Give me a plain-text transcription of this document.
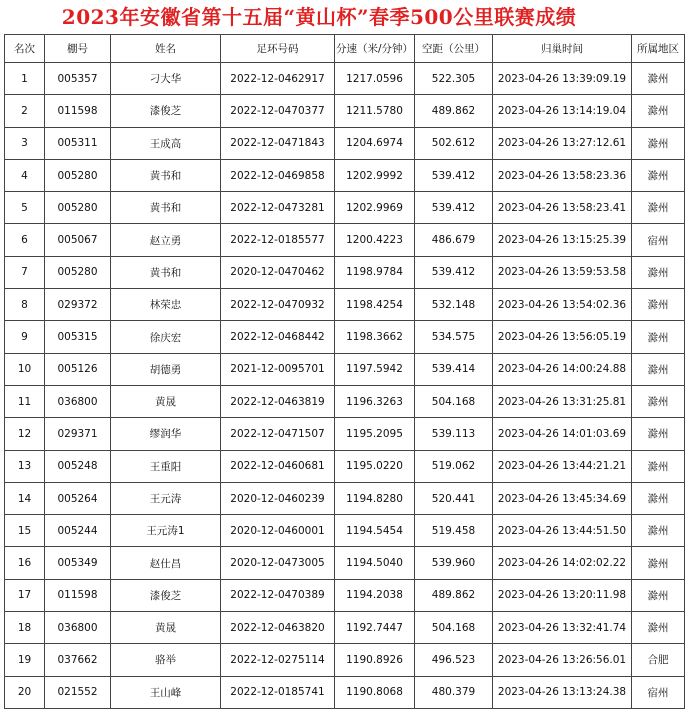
2023年安徽省第十五届“黄山杯”春季500公里联赛成绩
名次	棚号	姓名	足环号码	分速（米/分钟）	空距（公里）	归巢时间	所属地区
1	005357	刁大华	2022-12-0462917	1217.0596	522.305	2023-04-26 13:39:09.19	滁州
2	011598	漆俊芝	2022-12-0470377	1211.5780	489.862	2023-04-26 13:14:19.04	滁州
3	005311	王成高	2022-12-0471843	1204.6974	502.612	2023-04-26 13:27:12.61	滁州
4	005280	黄书和	2022-12-0469858	1202.9992	539.412	2023-04-26 13:58:23.36	滁州
5	005280	黄书和	2022-12-0473281	1202.9969	539.412	2023-04-26 13:58:23.41	滁州
6	005067	赵立勇	2022-12-0185577	1200.4223	486.679	2023-04-26 13:15:25.39	宿州
7	005280	黄书和	2020-12-0470462	1198.9784	539.412	2023-04-26 13:59:53.58	滁州
8	029372	林荣忠	2022-12-0470932	1198.4254	532.148	2023-04-26 13:54:02.36	滁州
9	005315	徐庆宏	2022-12-0468442	1198.3662	534.575	2023-04-26 13:56:05.19	滁州
10	005126	胡德勇	2021-12-0095701	1197.5942	539.414	2023-04-26 14:00:24.88	滁州
11	036800	黄晟	2022-12-0463819	1196.3263	504.168	2023-04-26 13:31:25.81	滁州
12	029371	缪润华	2022-12-0471507	1195.2095	539.113	2023-04-26 14:01:03.69	滁州
13	005248	王重阳	2022-12-0460681	1195.0220	519.062	2023-04-26 13:44:21.21	滁州
14	005264	王元涛	2020-12-0460239	1194.8280	520.441	2023-04-26 13:45:34.69	滁州
15	005244	王元涛1	2020-12-0460001	1194.5454	519.458	2023-04-26 13:44:51.50	滁州
16	005349	赵仕昌	2020-12-0473005	1194.5040	539.960	2023-04-26 14:02:02.22	滁州
17	011598	漆俊芝	2022-12-0470389	1194.2038	489.862	2023-04-26 13:20:11.98	滁州
18	036800	黄晟	2022-12-0463820	1192.7447	504.168	2023-04-26 13:32:41.74	滁州
19	037662	骆举	2022-12-0275114	1190.8926	496.523	2023-04-26 13:26:56.01	合肥
20	021552	王山峰	2022-12-0185741	1190.8068	480.379	2023-04-26 13:13:24.38	宿州
